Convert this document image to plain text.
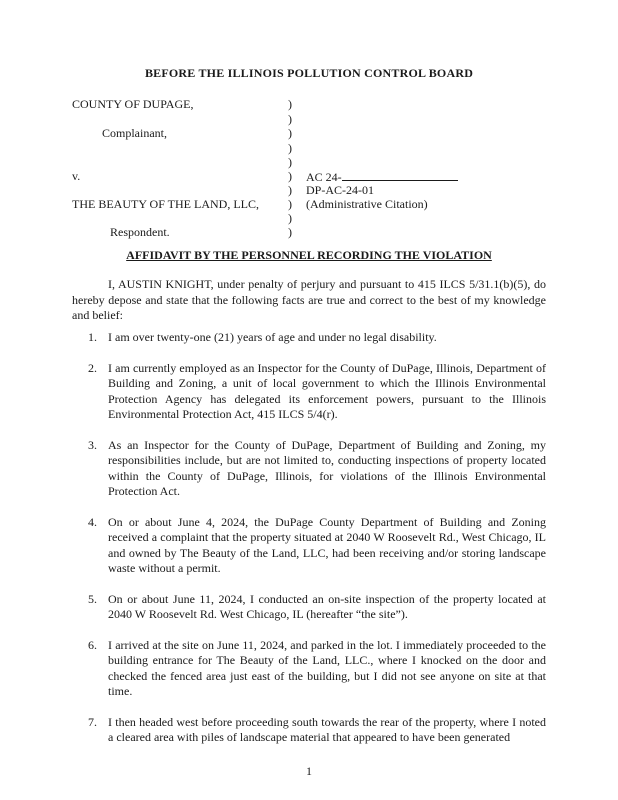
BEFORE THE ILLINOIS POLLUTION CONTROL BOARD
COUNTY OF DUPAGE,	)
)
Complainant,	)
)
)
v.	) AC 24-
) DP-AC-24-01
THE BEAUTY OF THE LAND, LLC, ) (Administrative Citation)
)
Respondent.	)
AFFIDAVIT BY THE PERSONNEL RECORDING THE VIOLATION
I, AUSTIN KNIGHT, under penalty of perjury and pursuant to 415 ILCS 5/31.1(b)(5), do hereby depose and state that the following facts are true and correct to the best of my knowledge and belief:
1. I am over twenty-one (21) years of age and under no legal disability.
2. I am currently employed as an Inspector for the County of DuPage, Illinois, Department of Building and Zoning, a unit of local government to which the Illinois Environmental Protection Agency has delegated its enforcement powers, pursuant to the Illinois Environmental Protection Act, 415 ILCS 5/4(r).
3. As an Inspector for the County of DuPage, Department of Building and Zoning, my responsibilities include, but are not limited to, conducting inspections of property located within the County of DuPage, Illinois, for violations of the Illinois Environmental Protection Act.
4. On or about June 4, 2024, the DuPage County Department of Building and Zoning received a complaint that the property situated at 2040 W Roosevelt Rd., West Chicago, IL and owned by The Beauty of the Land, LLC, had been receiving and/or storing landscape waste without a permit.
5. On or about June 11, 2024, I conducted an on-site inspection of the property located at 2040 W Roosevelt Rd. West Chicago, IL (hereafter “the site”).
6. I arrived at the site on June 11, 2024, and parked in the lot. I immediately proceeded to the building entrance for The Beauty of the Land, LLC., where I knocked on the door and checked the fenced area just east of the building, but I did not see anyone on site at that time.
7. I then headed west before proceeding south towards the rear of the property, where I noted a cleared area with piles of landscape material that appeared to have been generated
1
